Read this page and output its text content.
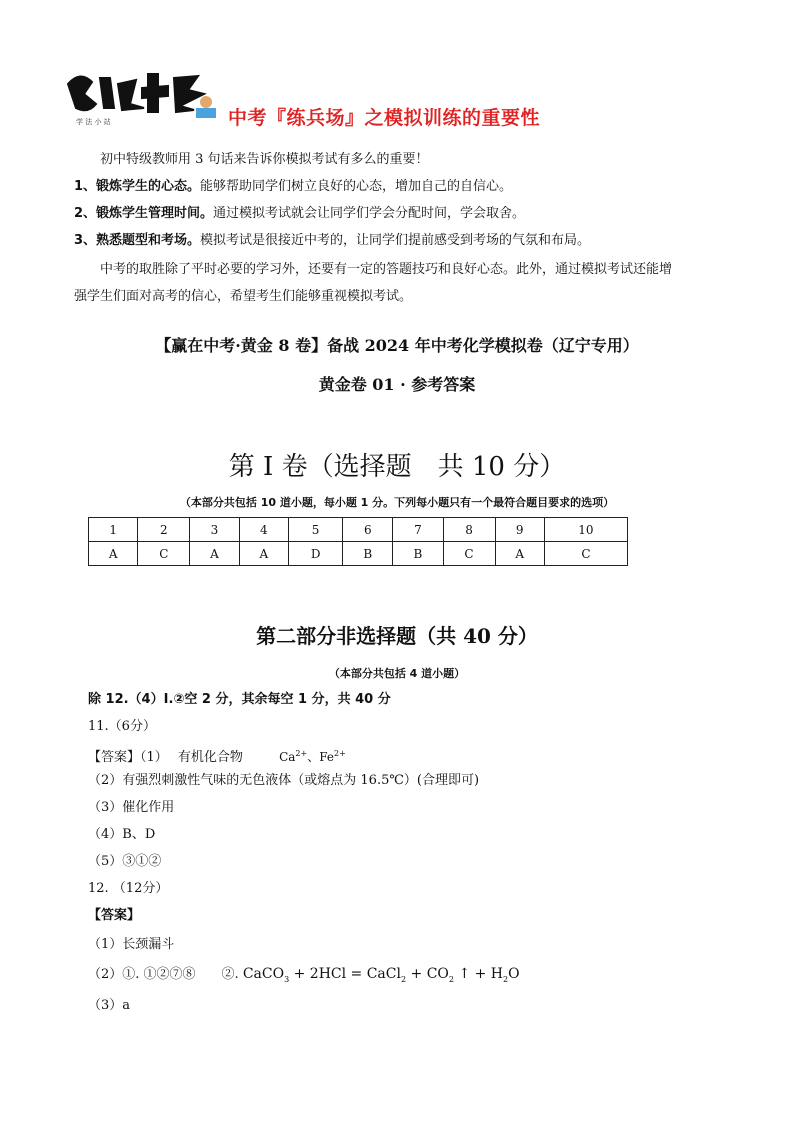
学 法 小 站	中考『练兵场』之模拟训练的重要性
初中特级教师用 3 句话来告诉你模拟考试有多么的重要！
1、锻炼学生的心态。能够帮助同学们树立良好的心态，增加自己的自信心。
2、锻炼学生管理时间。通过模拟考试就会让同学们学会分配时间，学会取舍。
3、熟悉题型和考场。模拟考试是很接近中考的，让同学们提前感受到考场的气氛和布局。
中考的取胜除了平时必要的学习外，还要有一定的答题技巧和良好心态。此外，通过模拟考试还能增
强学生们面对高考的信心，希望考生们能够重视模拟考试。
【赢在中考·黄金 8 卷】备战 2024 年中考化学模拟卷（辽宁专用）
黄金卷 01 · 参考答案
第 I 卷（选择题　共 10 分）
（本部分共包括 10 道小题，每小题 1 分。下列每小题只有一个最符合题目要求的选项）
1	2	3	4	5	6	7	8	9	10
A	C	A	A	D	B	B	C	A	C
第二部分非选择题（共 40 分）
（本部分共包括 4 道小题）
除 12.（4）Ⅰ.②空 2 分，其余每空 1 分，共 40 分
11.（6分）
【答案】（1） 有机化合物	$Ca^{2+}$、$Fe^{2+}$
（2）有强烈刺激性气味的无色液体（或熔点为 16.5℃）(合理即可)
（3）催化作用
（4）B、D
（5）③①②
12. （12分）
【答案】
（1）长颈漏斗
（2）①. ①②⑦⑧　　②. CaCO$_3$ + 2HCl = CaCl$_2$ + $CO_2$ ↑ + $H_2O$
（3）a
